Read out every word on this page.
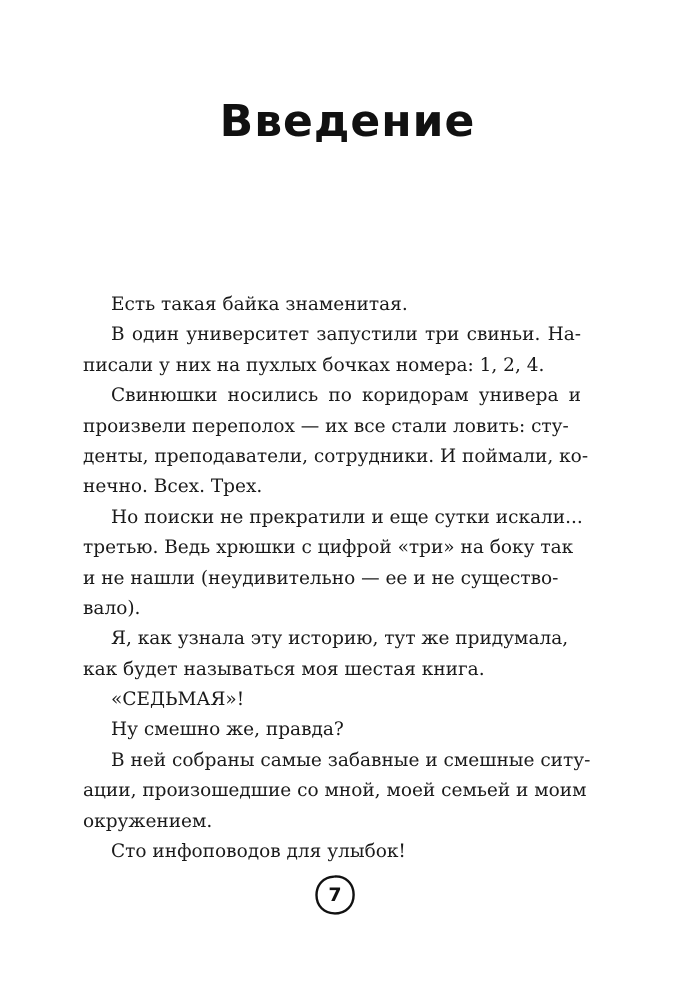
Введение
Есть такая байка знаменитая.
В один университет запустили три свиньи. На-
писали у них на пухлых бочках номера: 1, 2, 4.
Свинюшки носились по коридорам универа и
произвели переполох — их все стали ловить: сту-
денты, преподаватели, сотрудники. И поймали, ко-
нечно. Всех. Трех.
Но поиски не прекратили и еще сутки искали...
третью. Ведь хрюшки с цифрой «три» на боку так
и не нашли (неудивительно — ее и не существо-
вало).
Я, как узнала эту историю, тут же придумала,
как будет называться моя шестая книга.
«СЕДЬМАЯ»!
Ну смешно же, правда?
В ней собраны самые забавные и смешные ситу-
ации, произошедшие со мной, моей семьей и моим
окружением.
Сто инфоповодов для улыбок!
7
